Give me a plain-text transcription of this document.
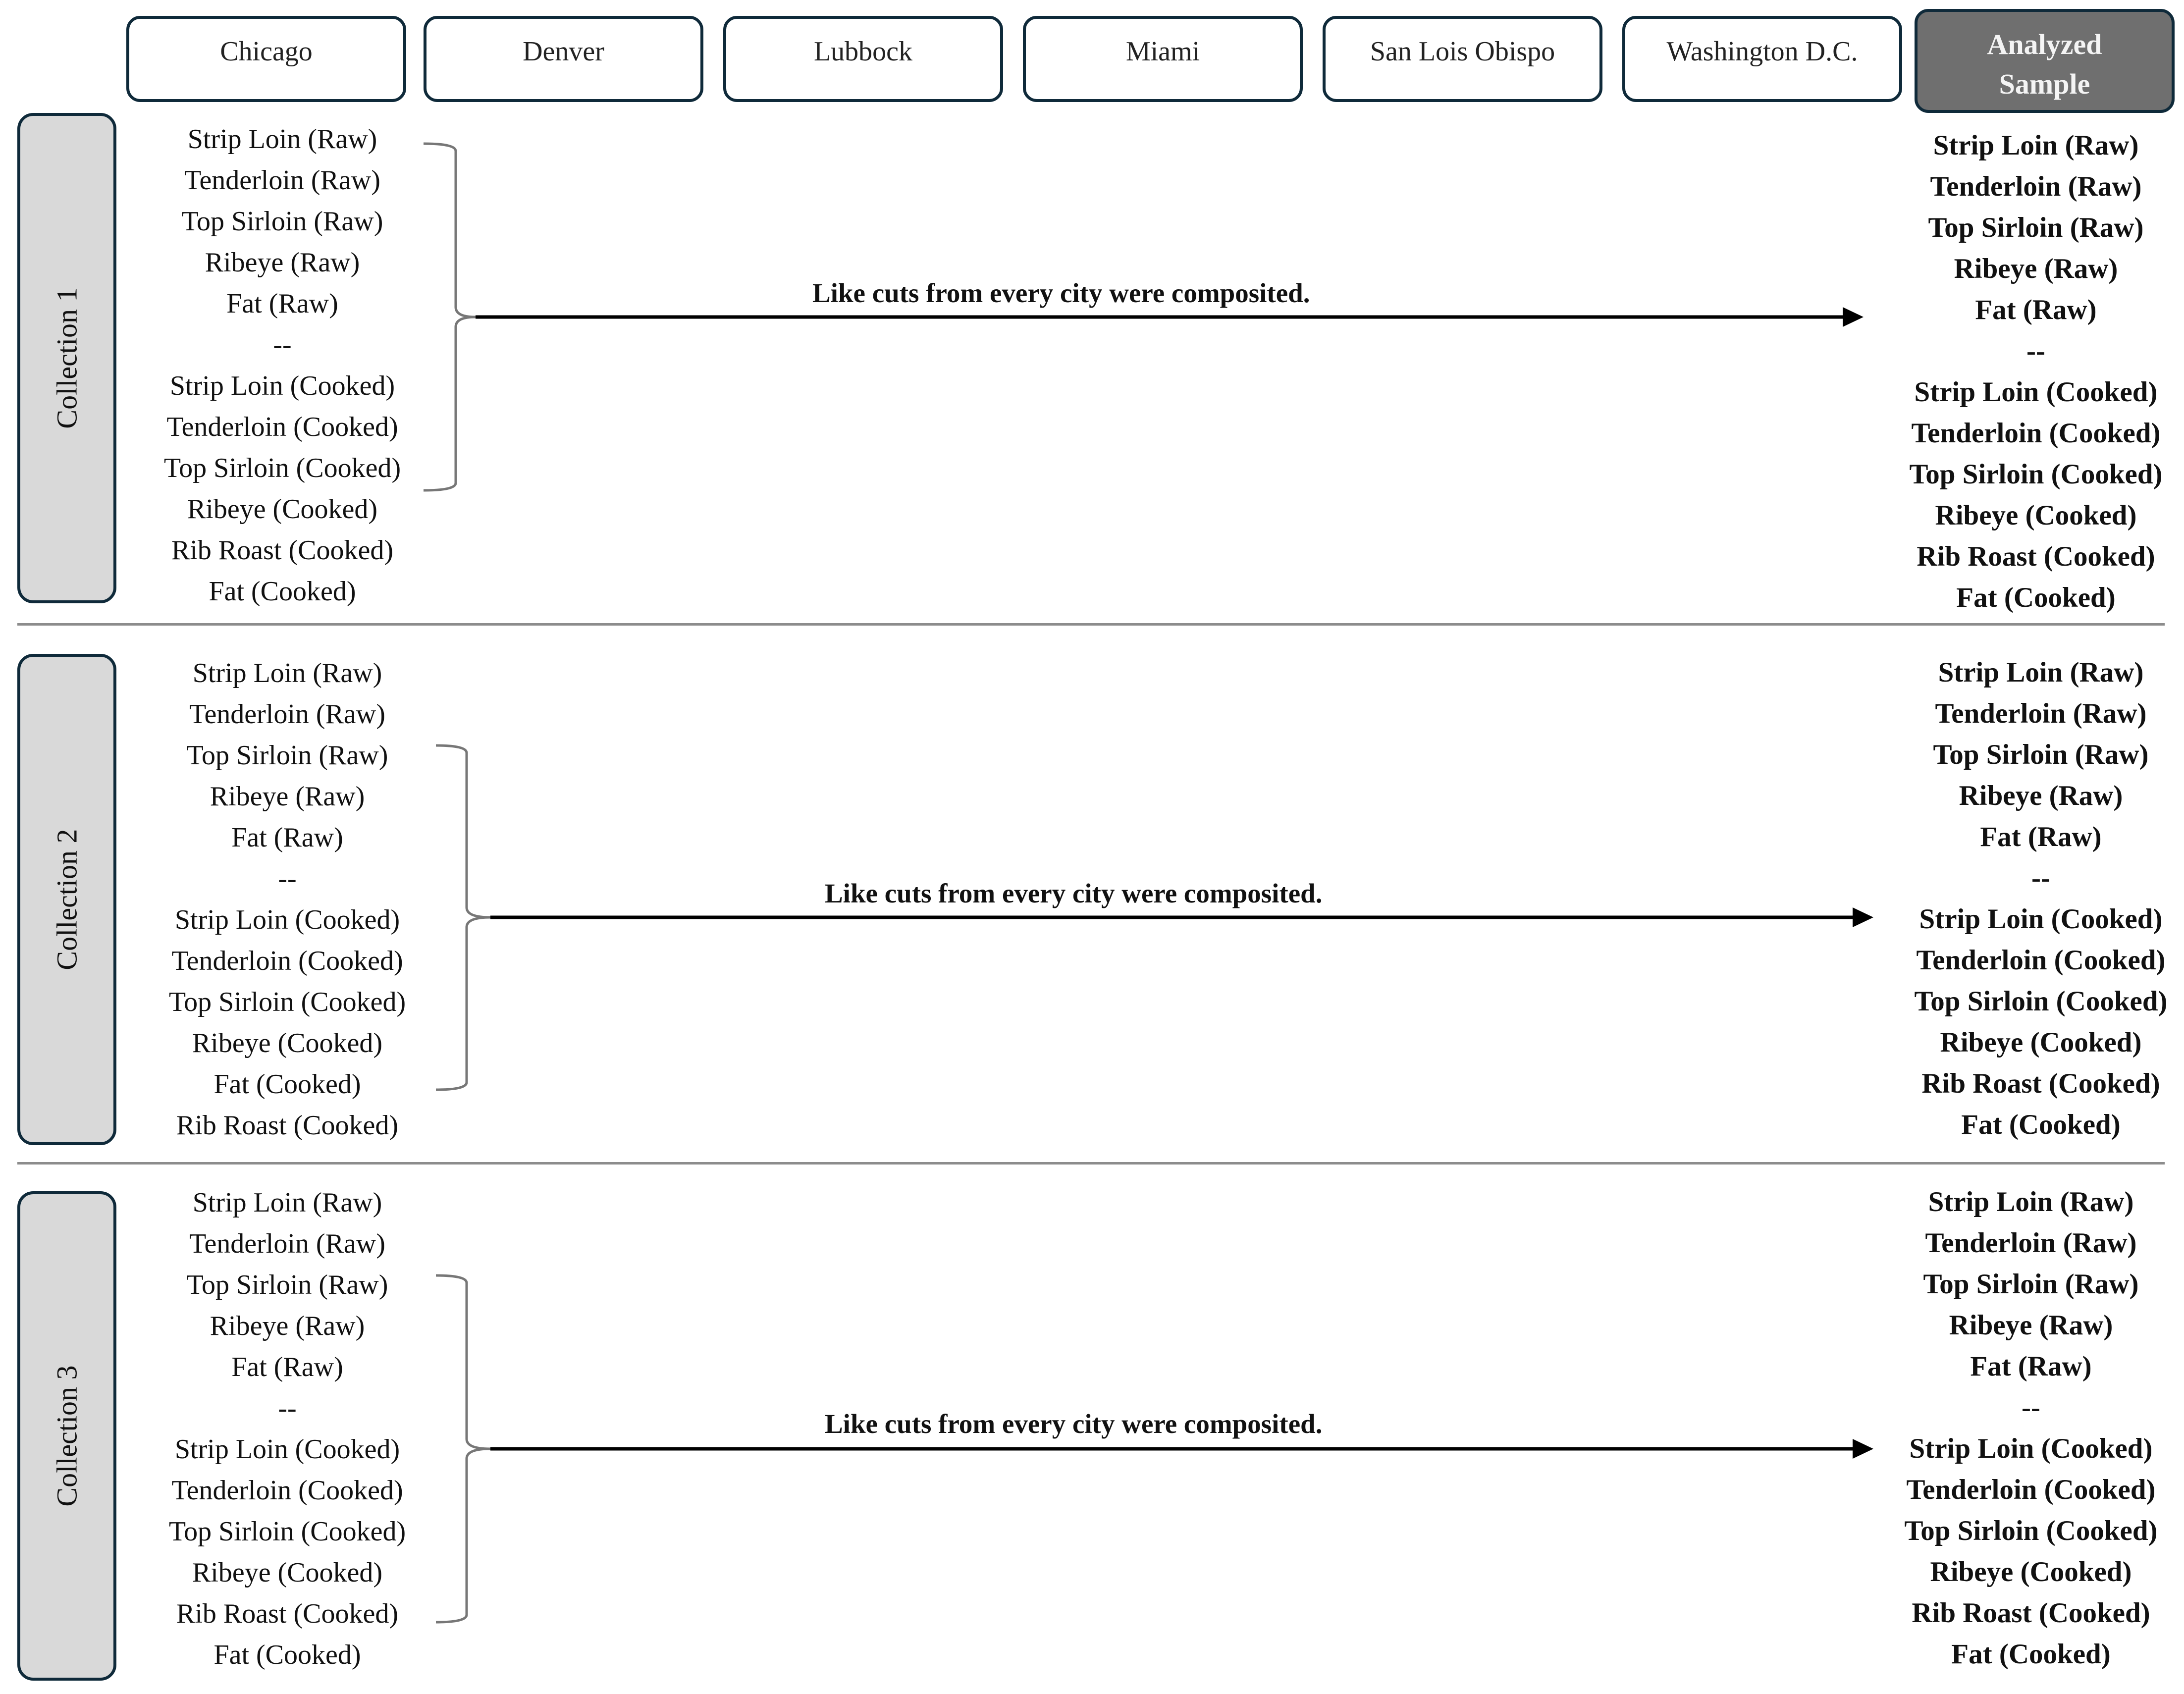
Chicago	Denver	Lubbock	Miami	San Lois Obispo	Washington D.C.	Analyzed
Sample
Collection 1
Collection 2
Collection 3
Strip Loin (Raw)
Tenderloin (Raw)
Top Sirloin (Raw)
Ribeye (Raw)
Fat (Raw)
--
Strip Loin (Cooked)
Tenderloin (Cooked)
Top Sirloin (Cooked)
Ribeye (Cooked)
Rib Roast (Cooked)
Fat (Cooked)
Strip Loin (Raw)
Tenderloin (Raw)
Top Sirloin (Raw)
Ribeye (Raw)
Fat (Raw)
--
Strip Loin (Cooked)
Tenderloin (Cooked)
Top Sirloin (Cooked)
Ribeye (Cooked)
Rib Roast (Cooked)
Fat (Cooked)
Like cuts from every city were composited.
Strip Loin (Raw)
Tenderloin (Raw)
Top Sirloin (Raw)
Ribeye (Raw)
Fat (Raw)
--
Strip Loin (Cooked)
Tenderloin (Cooked)
Top Sirloin (Cooked)
Ribeye (Cooked)
Fat (Cooked)
Rib Roast (Cooked)
Strip Loin (Raw)
Tenderloin (Raw)
Top Sirloin (Raw)
Ribeye (Raw)
Fat (Raw)
--
Strip Loin (Cooked)
Tenderloin (Cooked)
Top Sirloin (Cooked)
Ribeye (Cooked)
Rib Roast (Cooked)
Fat (Cooked)
Like cuts from every city were composited.
Strip Loin (Raw)
Tenderloin (Raw)
Top Sirloin (Raw)
Ribeye (Raw)
Fat (Raw)
--
Strip Loin (Cooked)
Tenderloin (Cooked)
Top Sirloin (Cooked)
Ribeye (Cooked)
Rib Roast (Cooked)
Fat (Cooked)
Strip Loin (Raw)
Tenderloin (Raw)
Top Sirloin (Raw)
Ribeye (Raw)
Fat (Raw)
--
Strip Loin (Cooked)
Tenderloin (Cooked)
Top Sirloin (Cooked)
Ribeye (Cooked)
Rib Roast (Cooked)
Fat (Cooked)
Like cuts from every city were composited.
